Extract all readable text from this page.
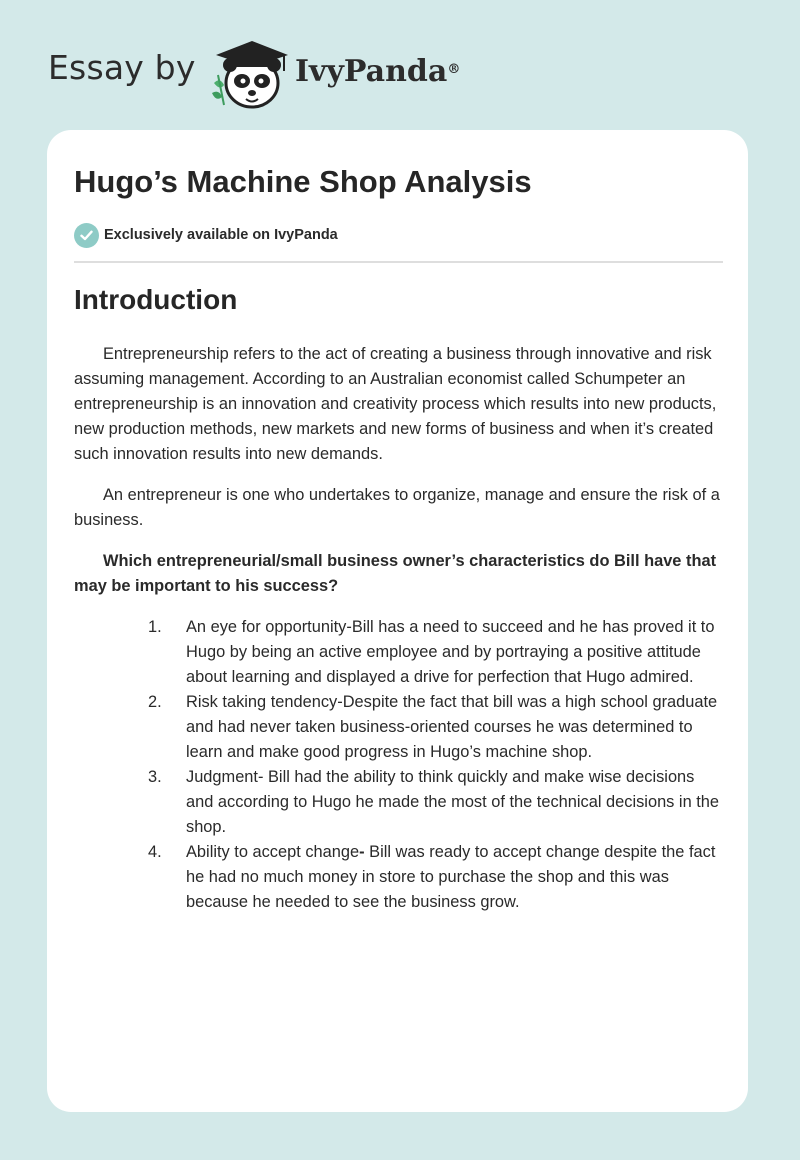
Essay by	IvyPanda®
Hugo’s Machine Shop Analysis
Exclusively available on IvyPanda
Introduction

Entrepreneurship refers to the act of creating a business through innovative and risk assuming management. According to an Australian economist called Schumpeter an entrepreneurship is an innovation and creativity process which results into new products, new production methods, new markets and new forms of business and when it’s created such innovation results into new demands.

An entrepreneur is one who undertakes to organize, manage and ensure the risk of a business.

Which entrepreneurial/small business owner’s characteristics do Bill have that may be important to his success?

1. An eye for opportunity-Bill has a need to succeed and he has proved it to Hugo by being an active employee and by portraying a positive attitude about learning and displayed a drive for perfection that Hugo admired.
2. Risk taking tendency-Despite the fact that bill was a high school graduate and had never taken business-oriented courses he was determined to learn and make good progress in Hugo’s machine shop.
3. Judgment- Bill had the ability to think quickly and make wise decisions and according to Hugo he made the most of the technical decisions in the shop.
4. Ability to accept change- Bill was ready to accept change despite the fact he had no much money in store to purchase the shop and this was because he needed to see the business grow.
